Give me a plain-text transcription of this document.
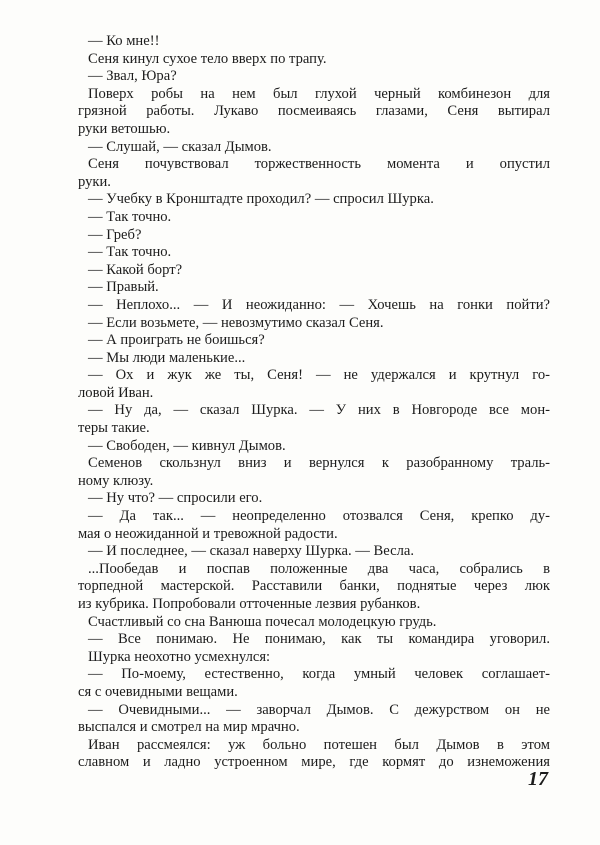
— Ко мне!!
Сеня кинул сухое тело вверх по трапу.
— Звал, Юра?
Поверх робы на нем был глухой черный комбинезон для
грязной работы. Лукаво посмеиваясь глазами, Сеня вытирал
руки ветошью.
— Слушай, — сказал Дымов.
Сеня почувствовал торжественность момента и опустил
руки.
— Учебку в Кронштадте проходил? — спросил Шурка.
— Так точно.
— Греб?
— Так точно.
— Какой борт?
— Правый.
— Неплохо... — И неожиданно: — Хочешь на гонки пойти?
— Если возьмете, — невозмутимо сказал Сеня.
— А проиграть не боишься?
— Мы люди маленькие...
— Ох и жук же ты, Сеня! — не удержался и крутнул го-
ловой Иван.
— Ну да, — сказал Шурка. — У них в Новгороде все мон-
теры такие.
— Свободен, — кивнул Дымов.
Семенов скользнул вниз и вернулся к разобранному траль-
ному клюзу.
— Ну что? — спросили его.
— Да так... — неопределенно отозвался Сеня, крепко ду-
мая о неожиданной и тревожной радости.
— И последнее, — сказал наверху Шурка. — Весла.
...Пообедав и поспав положенные два часа, собрались в
торпедной мастерской. Расставили банки, поднятые через люк
из кубрика. Попробовали отточенные лезвия рубанков.
Счастливый со сна Ванюша почесал молодецкую грудь.
— Все понимаю. Не понимаю, как ты командира уговорил.
Шурка неохотно усмехнулся:
— По-моему, естественно, когда умный человек соглашает-
ся с очевидными вещами.
— Очевидными... — заворчал Дымов. С дежурством он не
выспался и смотрел на мир мрачно.
Иван рассмеялся: уж больно потешен был Дымов в этом
славном и ладно устроенном мире, где кормят до изнеможения
17
